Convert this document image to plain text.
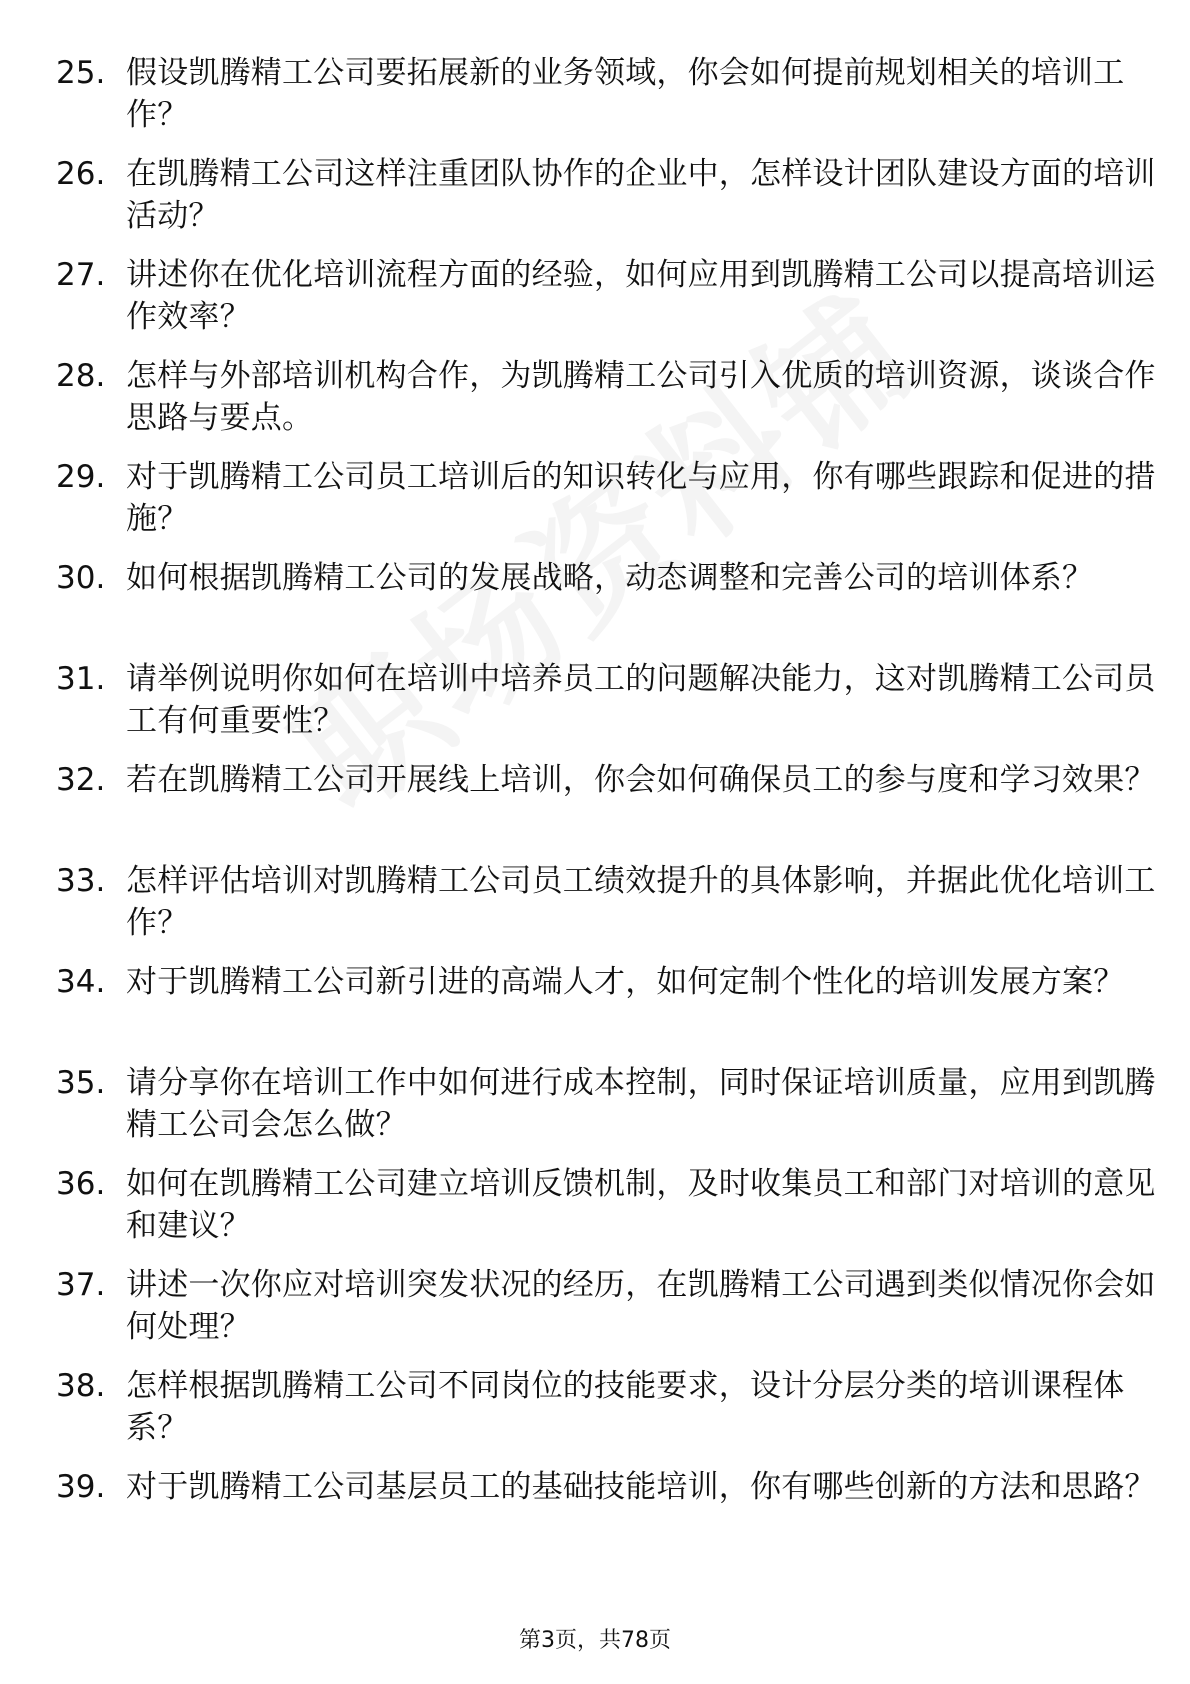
25. 假设凯腾精工公司要拓展新的业务领域，你会如何提前规划相关的培训工作？
26. 在凯腾精工公司这样注重团队协作的企业中，怎样设计团队建设方面的培训活动？
27. 讲述你在优化培训流程方面的经验，如何应用到凯腾精工公司以提高培训运作效率？
28. 怎样与外部培训机构合作，为凯腾精工公司引入优质的培训资源，谈谈合作思路与要点。
29. 对于凯腾精工公司员工培训后的知识转化与应用，你有哪些跟踪和促进的措施？
30. 如何根据凯腾精工公司的发展战略，动态调整和完善公司的培训体系？
31. 请举例说明你如何在培训中培养员工的问题解决能力，这对凯腾精工公司员工有何重要性？
32. 若在凯腾精工公司开展线上培训，你会如何确保员工的参与度和学习效果？
33. 怎样评估培训对凯腾精工公司员工绩效提升的具体影响，并据此优化培训工作？
34. 对于凯腾精工公司新引进的高端人才，如何定制个性化的培训发展方案？
35. 请分享你在培训工作中如何进行成本控制，同时保证培训质量，应用到凯腾精工公司会怎么做？
36. 如何在凯腾精工公司建立培训反馈机制，及时收集员工和部门对培训的意见和建议？
37. 讲述一次你应对培训突发状况的经历，在凯腾精工公司遇到类似情况你会如何处理？
38. 怎样根据凯腾精工公司不同岗位的技能要求，设计分层分类的培训课程体系？
39. 对于凯腾精工公司基层员工的基础技能培训，你有哪些创新的方法和思路？
第3页，共78页
